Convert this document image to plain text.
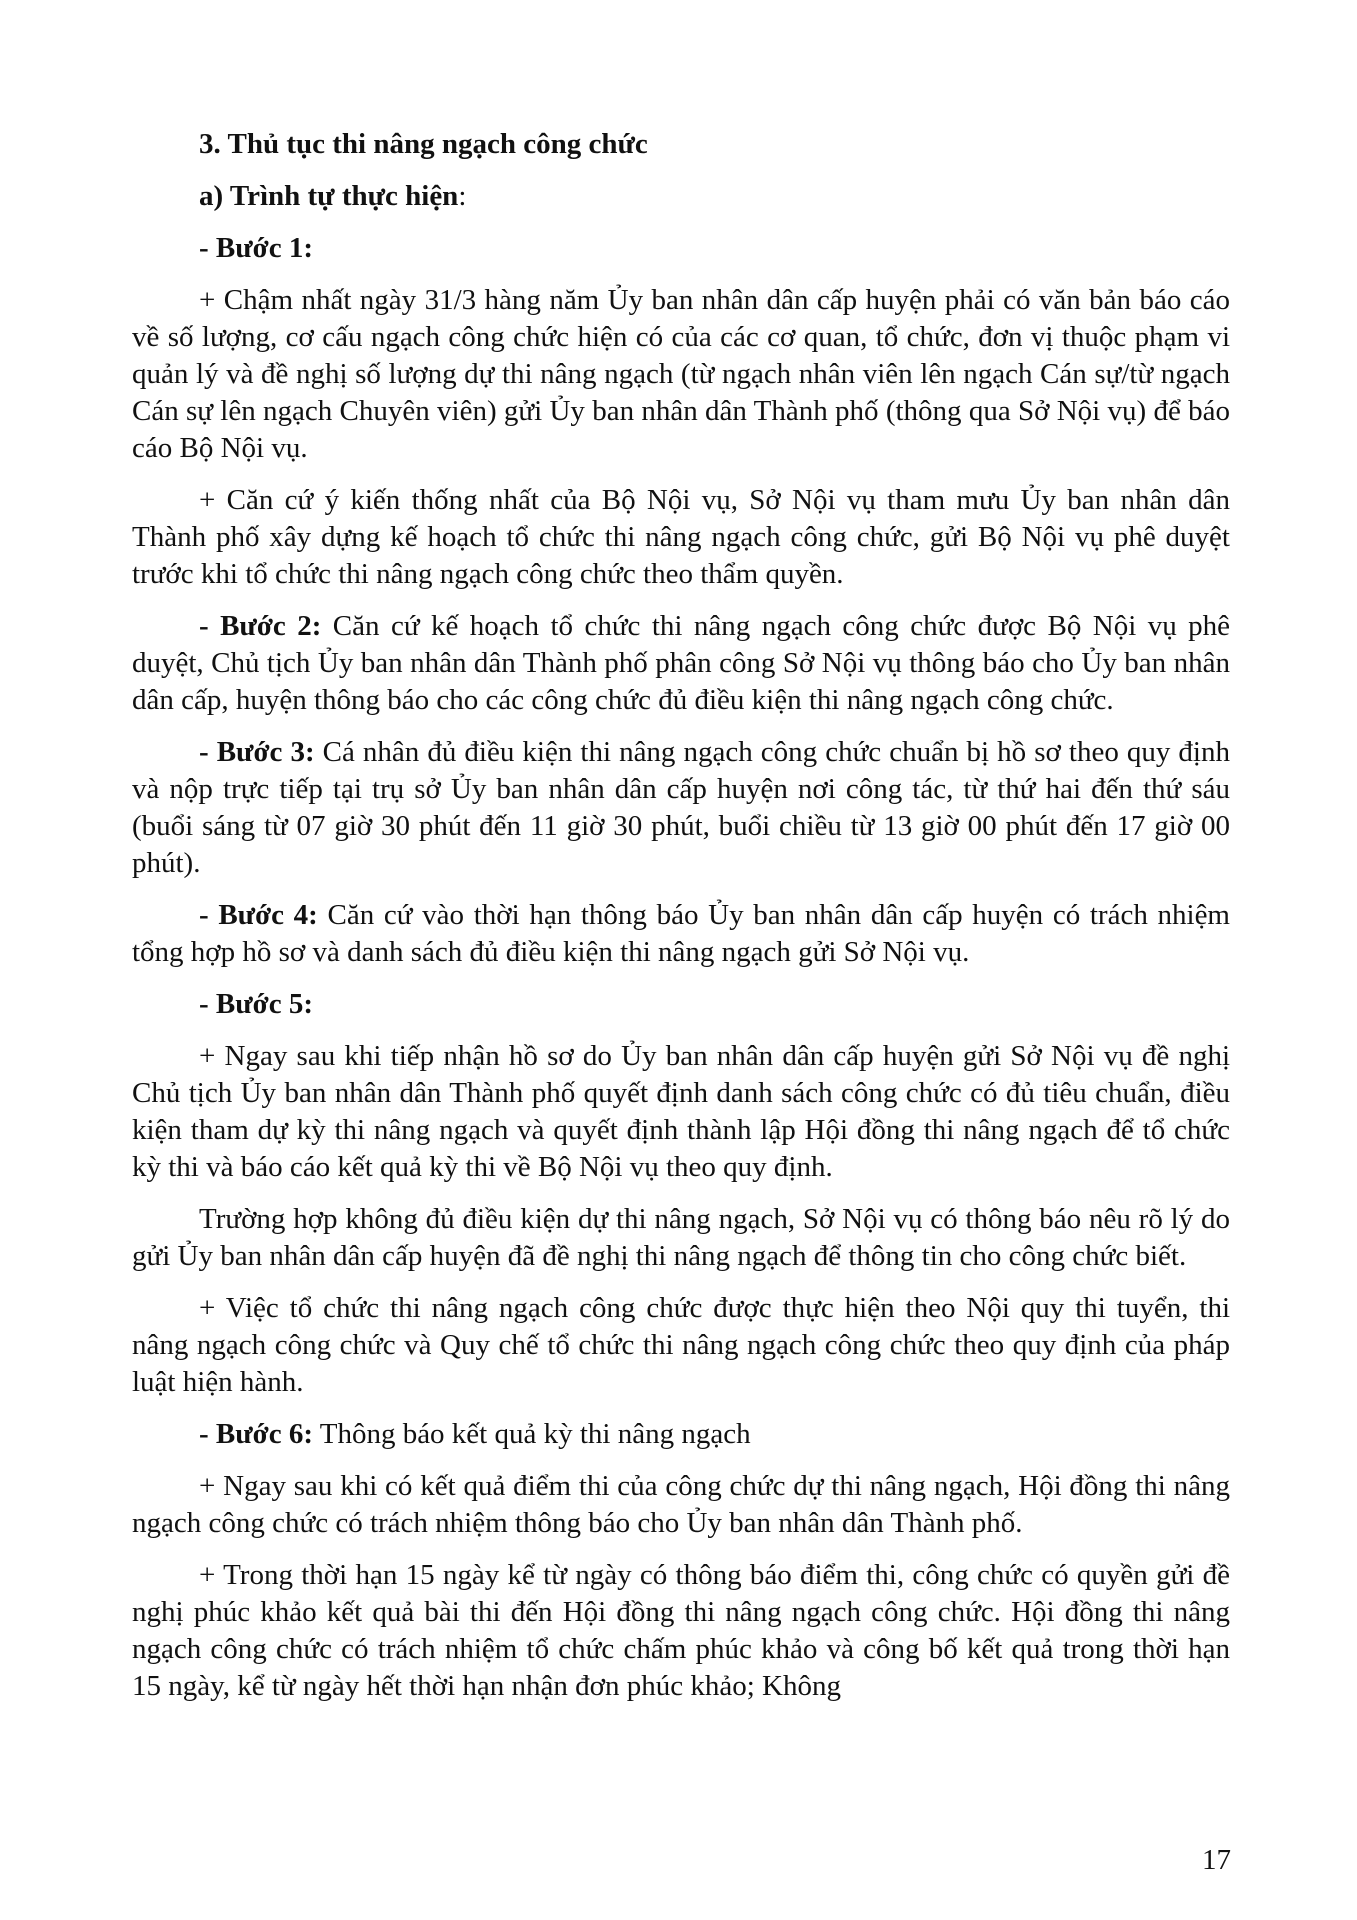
3. Thủ tục thi nâng ngạch công chức

a) Trình tự thực hiện:

- Bước 1:

+ Chậm nhất ngày 31/3 hàng năm Ủy ban nhân dân cấp huyện phải có văn bản báo cáo về số lượng, cơ cấu ngạch công chức hiện có của các cơ quan, tổ chức, đơn vị thuộc phạm vi quản lý và đề nghị số lượng dự thi nâng ngạch (từ ngạch nhân viên lên ngạch Cán sự/từ ngạch Cán sự lên ngạch Chuyên viên) gửi Ủy ban nhân dân Thành phố (thông qua Sở Nội vụ) để báo cáo Bộ Nội vụ.

+ Căn cứ ý kiến thống nhất của Bộ Nội vụ, Sở Nội vụ tham mưu Ủy ban nhân dân Thành phố xây dựng kế hoạch tổ chức thi nâng ngạch công chức, gửi Bộ Nội vụ phê duyệt trước khi tổ chức thi nâng ngạch công chức theo thẩm quyền.

- Bước 2: Căn cứ kế hoạch tổ chức thi nâng ngạch công chức được Bộ Nội vụ phê duyệt, Chủ tịch Ủy ban nhân dân Thành phố phân công Sở Nội vụ thông báo cho Ủy ban nhân dân cấp, huyện thông báo cho các công chức đủ điều kiện thi nâng ngạch công chức.

- Bước 3: Cá nhân đủ điều kiện thi nâng ngạch công chức chuẩn bị hồ sơ theo quy định và nộp trực tiếp tại trụ sở Ủy ban nhân dân cấp huyện nơi công tác, từ thứ hai đến thứ sáu (buổi sáng từ 07 giờ 30 phút đến 11 giờ 30 phút, buổi chiều từ 13 giờ 00 phút đến 17 giờ 00 phút).

- Bước 4: Căn cứ vào thời hạn thông báo Ủy ban nhân dân cấp huyện có trách nhiệm tổng hợp hồ sơ và danh sách đủ điều kiện thi nâng ngạch gửi Sở Nội vụ.

- Bước 5:

+ Ngay sau khi tiếp nhận hồ sơ do Ủy ban nhân dân cấp huyện gửi Sở Nội vụ đề nghị Chủ tịch Ủy ban nhân dân Thành phố quyết định danh sách công chức có đủ tiêu chuẩn, điều kiện tham dự kỳ thi nâng ngạch và quyết định thành lập Hội đồng thi nâng ngạch để tổ chức kỳ thi và báo cáo kết quả kỳ thi về Bộ Nội vụ theo quy định.

Trường hợp không đủ điều kiện dự thi nâng ngạch, Sở Nội vụ có thông báo nêu rõ lý do gửi Ủy ban nhân dân cấp huyện đã đề nghị thi nâng ngạch để thông tin cho công chức biết.

+ Việc tổ chức thi nâng ngạch công chức được thực hiện theo Nội quy thi tuyển, thi nâng ngạch công chức và Quy chế tổ chức thi nâng ngạch công chức theo quy định của pháp luật hiện hành.

- Bước 6: Thông báo kết quả kỳ thi nâng ngạch

+ Ngay sau khi có kết quả điểm thi của công chức dự thi nâng ngạch, Hội đồng thi nâng ngạch công chức có trách nhiệm thông báo cho Ủy ban nhân dân Thành phố.

+ Trong thời hạn 15 ngày kể từ ngày có thông báo điểm thi, công chức có quyền gửi đề nghị phúc khảo kết quả bài thi đến Hội đồng thi nâng ngạch công chức. Hội đồng thi nâng ngạch công chức có trách nhiệm tổ chức chấm phúc khảo và công bố kết quả trong thời hạn 15 ngày, kể từ ngày hết thời hạn nhận đơn phúc khảo; Không

17
